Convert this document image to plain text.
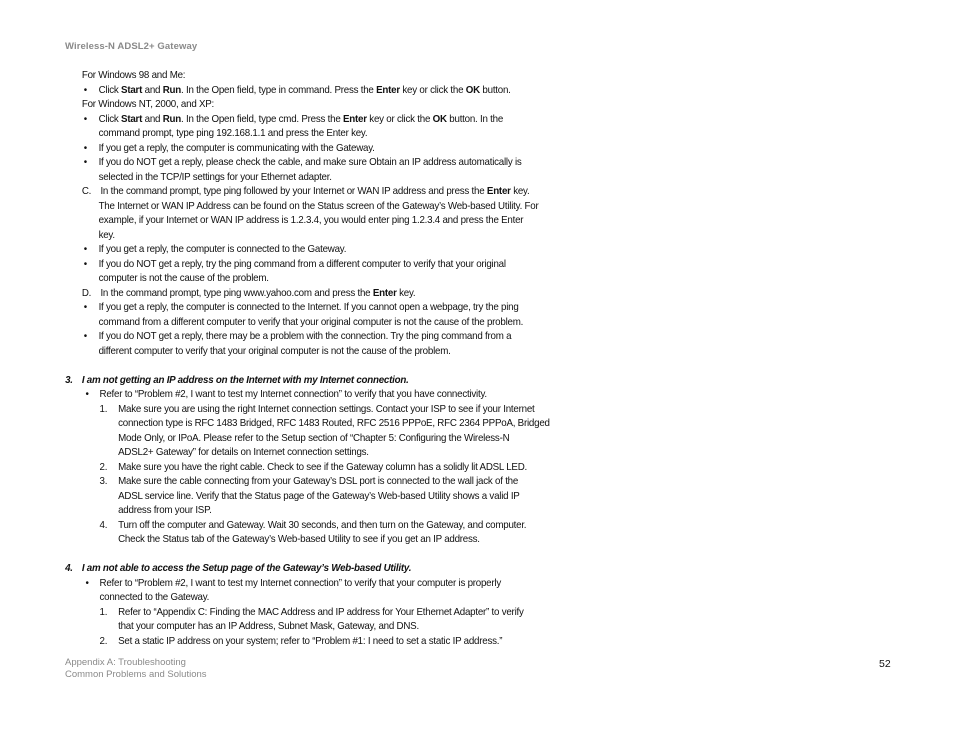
Wireless-N ADSL2+ Gateway
For Windows 98 and Me:
• Click Start and Run. In the Open field, type in command. Press the Enter key or click the OK button.
For Windows NT, 2000, and XP:
• Click Start and Run. In the Open field, type cmd. Press the Enter key or click the OK button. In the
command prompt, type ping 192.168.1.1 and press the Enter key.
• If you get a reply, the computer is communicating with the Gateway.
• If you do NOT get a reply, please check the cable, and make sure Obtain an IP address automatically is
selected in the TCP/IP settings for your Ethernet adapter.
C. In the command prompt, type ping followed by your Internet or WAN IP address and press the Enter key.
The Internet or WAN IP Address can be found on the Status screen of the Gateway’s Web-based Utility. For
example, if your Internet or WAN IP address is 1.2.3.4, you would enter ping 1.2.3.4 and press the Enter
key.
• If you get a reply, the computer is connected to the Gateway.
• If you do NOT get a reply, try the ping command from a different computer to verify that your original
computer is not the cause of the problem.
D. In the command prompt, type ping www.yahoo.com and press the Enter key.
• If you get a reply, the computer is connected to the Internet. If you cannot open a webpage, try the ping
command from a different computer to verify that your original computer is not the cause of the problem.
• If you do NOT get a reply, there may be a problem with the connection. Try the ping command from a
different computer to verify that your original computer is not the cause of the problem.
3. I am not getting an IP address on the Internet with my Internet connection.
• Refer to “Problem #2, I want to test my Internet connection” to verify that you have connectivity.
1. Make sure you are using the right Internet connection settings. Contact your ISP to see if your Internet
connection type is RFC 1483 Bridged, RFC 1483 Routed, RFC 2516 PPPoE, RFC 2364 PPPoA, Bridged
Mode Only, or IPoA. Please refer to the Setup section of “Chapter 5: Configuring the Wireless-N
ADSL2+ Gateway” for details on Internet connection settings.
2. Make sure you have the right cable. Check to see if the Gateway column has a solidly lit ADSL LED.
3. Make sure the cable connecting from your Gateway’s DSL port is connected to the wall jack of the
ADSL service line. Verify that the Status page of the Gateway’s Web-based Utility shows a valid IP
address from your ISP.
4. Turn off the computer and Gateway. Wait 30 seconds, and then turn on the Gateway, and computer.
Check the Status tab of the Gateway’s Web-based Utility to see if you get an IP address.
4. I am not able to access the Setup page of the Gateway’s Web-based Utility.
• Refer to “Problem #2, I want to test my Internet connection” to verify that your computer is properly
connected to the Gateway.
1. Refer to “Appendix C: Finding the MAC Address and IP address for Your Ethernet Adapter” to verify
that your computer has an IP Address, Subnet Mask, Gateway, and DNS.
2. Set a static IP address on your system; refer to “Problem #1: I need to set a static IP address.”
Appendix A: Troubleshooting
Common Problems and Solutions
52
